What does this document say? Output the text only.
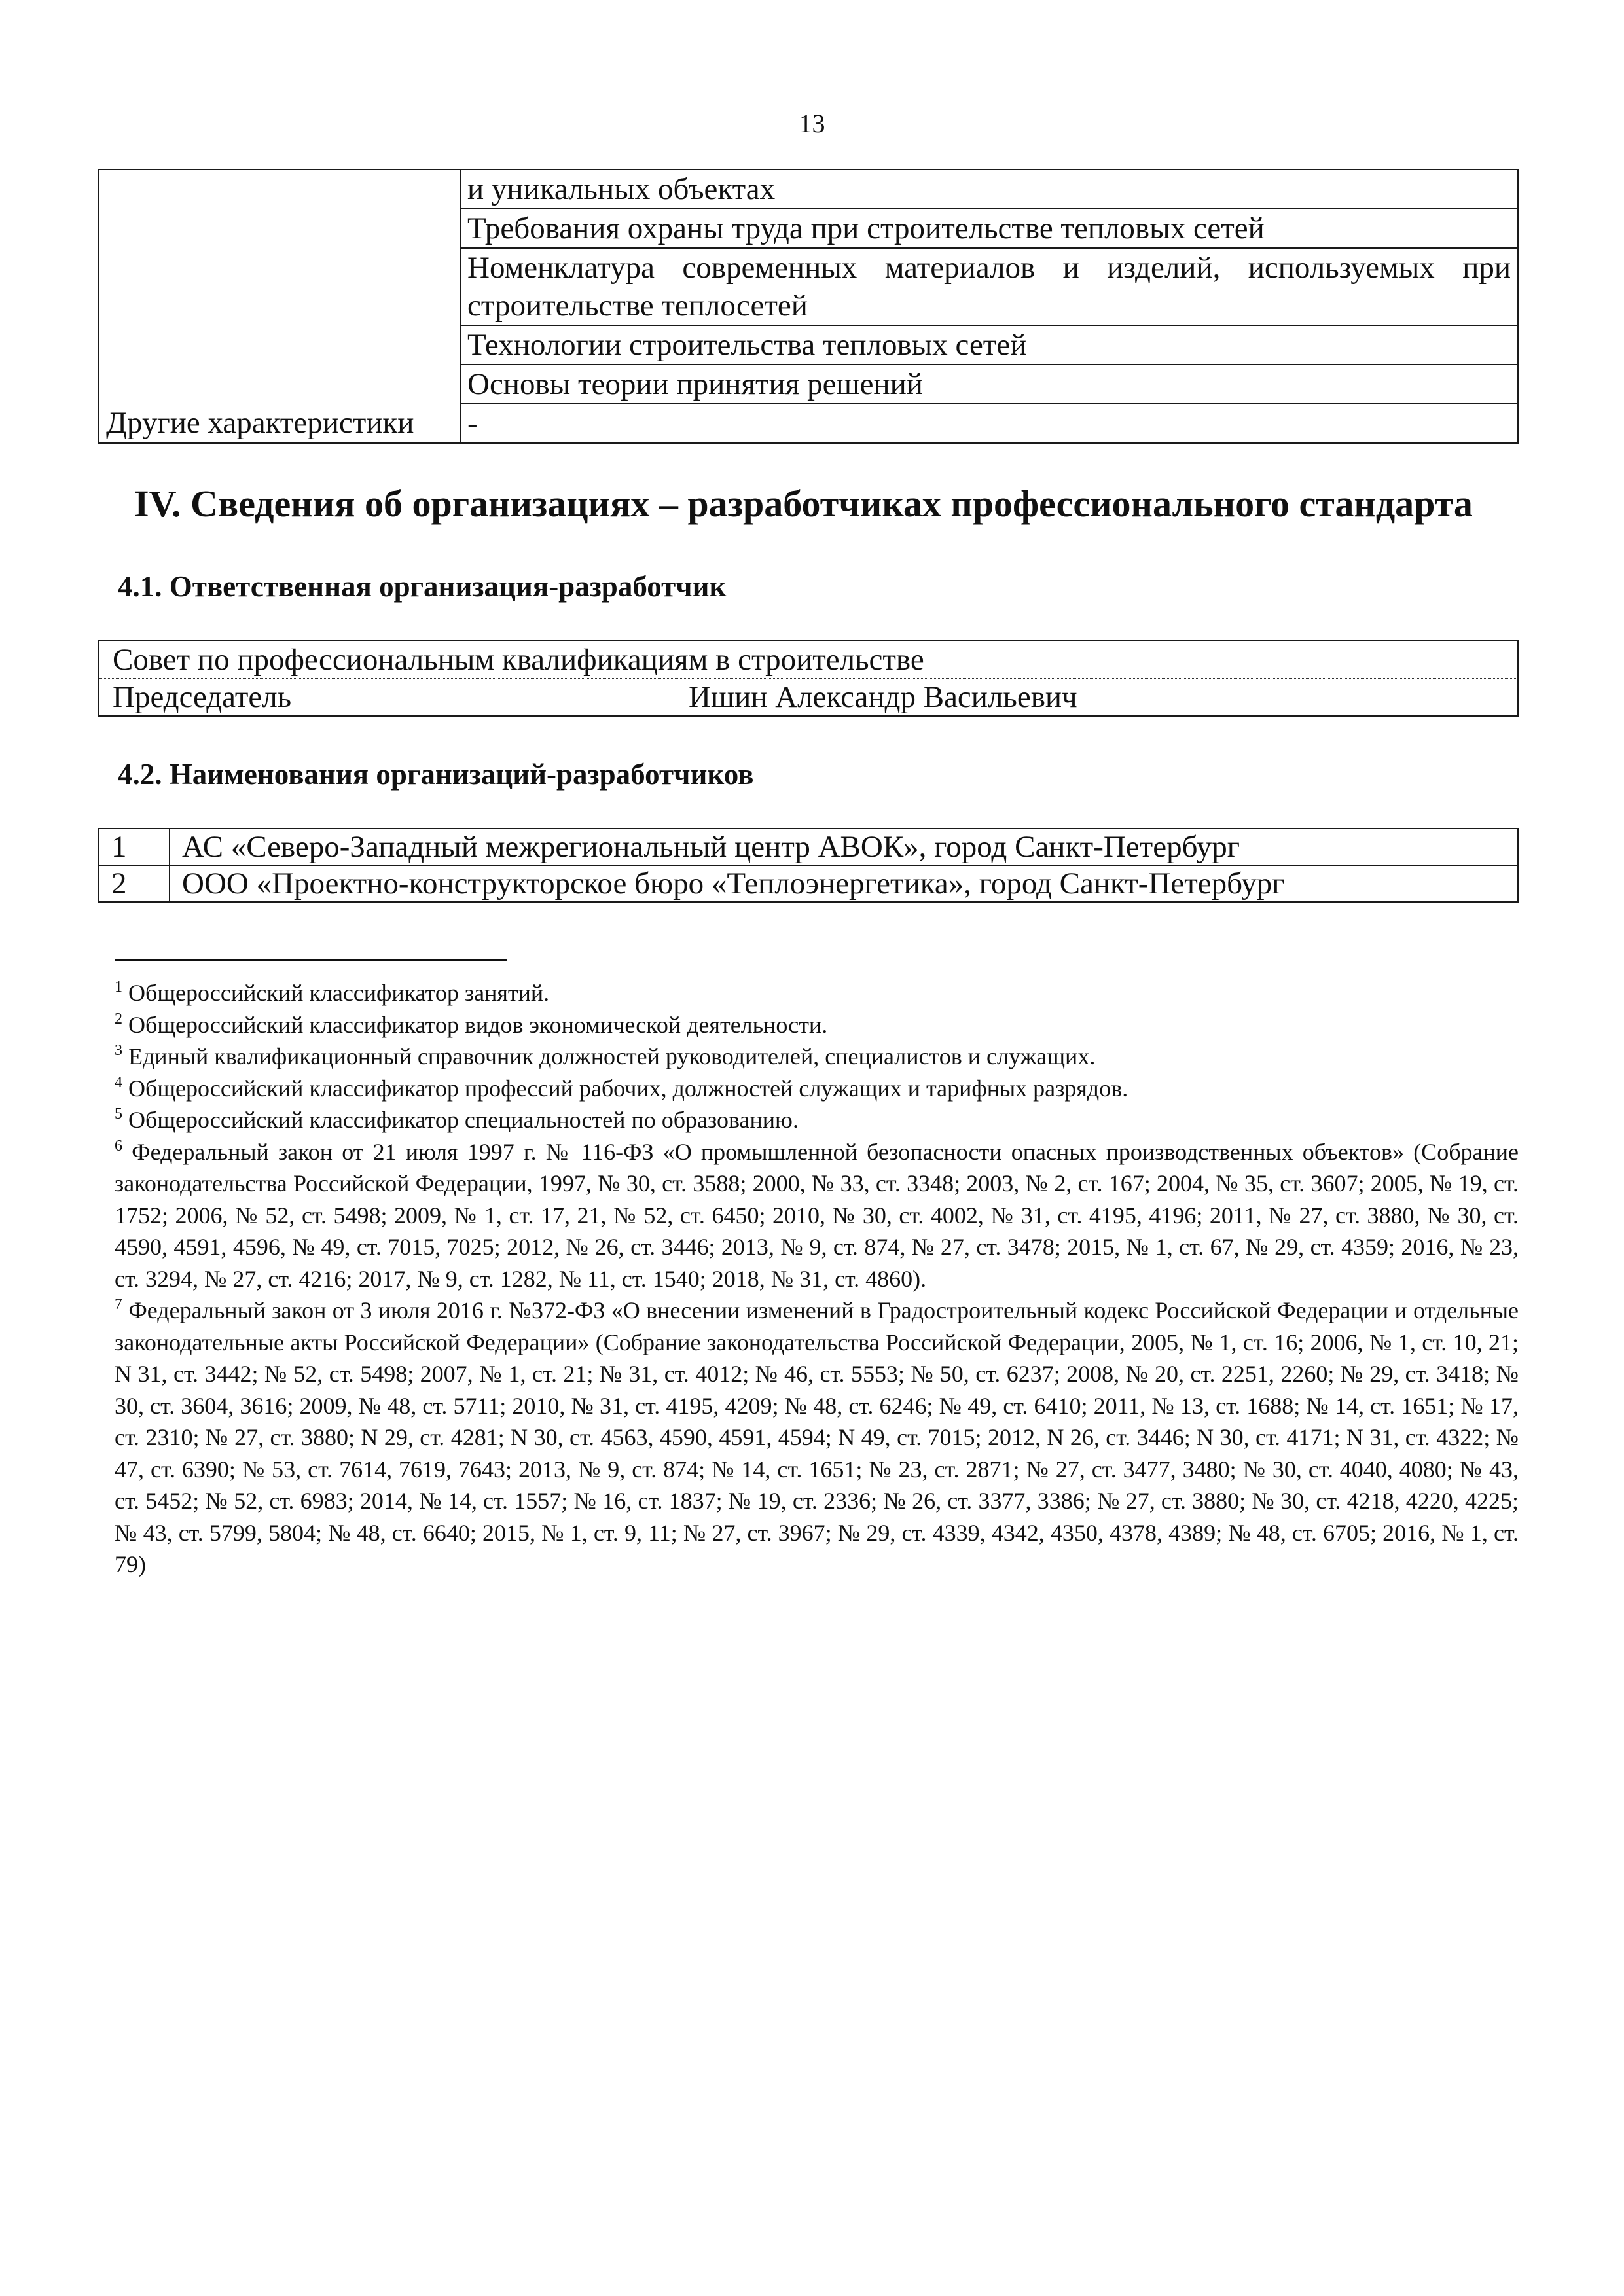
13
	и уникальных объектах
	Требования охраны труда при строительстве тепловых сетей
	Номенклатура современных материалов и изделий, используемых при строительстве теплосетей
	Технологии строительства тепловых сетей
	Основы теории принятия решений
Другие характеристики	-
IV. Сведения об организациях – разработчиках профессионального стандарта
4.1. Ответственная организация-разработчик
Совет по профессиональным квалификациям в строительстве

Председатель	Ишин Александр Васильевич
4.2. Наименования организаций-разработчиков
1	АС «Северо-Западный межрегиональный центр АВОК», город Санкт-Петербург
2	ООО «Проектно-конструкторское бюро «Теплоэнергетика», город Санкт-Петербург

$^1$ Общероссийский классификатор занятий.

$^2$ Общероссийский классификатор видов экономической деятельности.

$^3$ Единый квалификационный справочник должностей руководителей, специалистов и служащих.

$^4$ Общероссийский классификатор профессий рабочих, должностей служащих и тарифных разрядов.

$^5$ Общероссийский классификатор специальностей по образованию.

$^6$ Федеральный закон от 21 июля 1997 г. № 116-ФЗ «О промышленной безопасности опасных производственных объектов» (Собрание законодательства Российской Федерации, 1997, № 30, ст. 3588; 2000, № 33, ст. 3348; 2003, № 2, ст. 167; 2004, № 35, ст. 3607; 2005, № 19, ст. 1752; 2006, № 52, ст. 5498; 2009, № 1, ст. 17, 21, № 52, ст. 6450; 2010, № 30, ст. 4002, № 31, ст. 4195, 4196; 2011, № 27, ст. 3880, № 30, ст. 4590, 4591, 4596, № 49, ст. 7015, 7025; 2012, № 26, ст. 3446; 2013, № 9, ст. 874, № 27, ст. 3478; 2015, № 1, ст. 67, № 29, ст. 4359; 2016, № 23, ст. 3294, № 27, ст. 4216; 2017, № 9, ст. 1282, № 11, ст. 1540; 2018, № 31, ст. 4860).

$^7$ Федеральный закон от 3 июля 2016 г. №372-ФЗ «О внесении изменений в Градостроительный кодекс Российской Федерации и отдельные законодательные акты Российской Федерации» (Собрание законодательства Российской Федерации, 2005, № 1, ст. 16; 2006, № 1, ст. 10, 21; N 31, ст. 3442; № 52, ст. 5498; 2007, № 1, ст. 21; № 31, ст. 4012; № 46, ст. 5553; № 50, ст. 6237; 2008, № 20, ст. 2251, 2260; № 29, ст. 3418; № 30, ст. 3604, 3616; 2009, № 48, ст. 5711; 2010, № 31, ст. 4195, 4209; № 48, ст. 6246; № 49, ст. 6410; 2011, № 13, ст. 1688; № 14, ст. 1651; № 17, ст. 2310; № 27, ст. 3880; N 29, ст. 4281; N 30, ст. 4563, 4590, 4591, 4594; N 49, ст. 7015; 2012, N 26, ст. 3446; N 30, ст. 4171; N 31, ст. 4322; № 47, ст. 6390; № 53, ст. 7614, 7619, 7643; 2013, № 9, ст. 874; № 14, ст. 1651; № 23, ст. 2871; № 27, ст. 3477, 3480; № 30, ст. 4040, 4080; № 43, ст. 5452; № 52, ст. 6983; 2014, № 14, ст. 1557; № 16, ст. 1837; № 19, ст. 2336; № 26, ст. 3377, 3386; № 27, ст. 3880; № 30, ст. 4218, 4220, 4225; № 43, ст. 5799, 5804; № 48, ст. 6640; 2015, № 1, ст. 9, 11; № 27, ст. 3967; № 29, ст. 4339, 4342, 4350, 4378, 4389; № 48, ст. 6705; 2016, № 1, ст. 79)
